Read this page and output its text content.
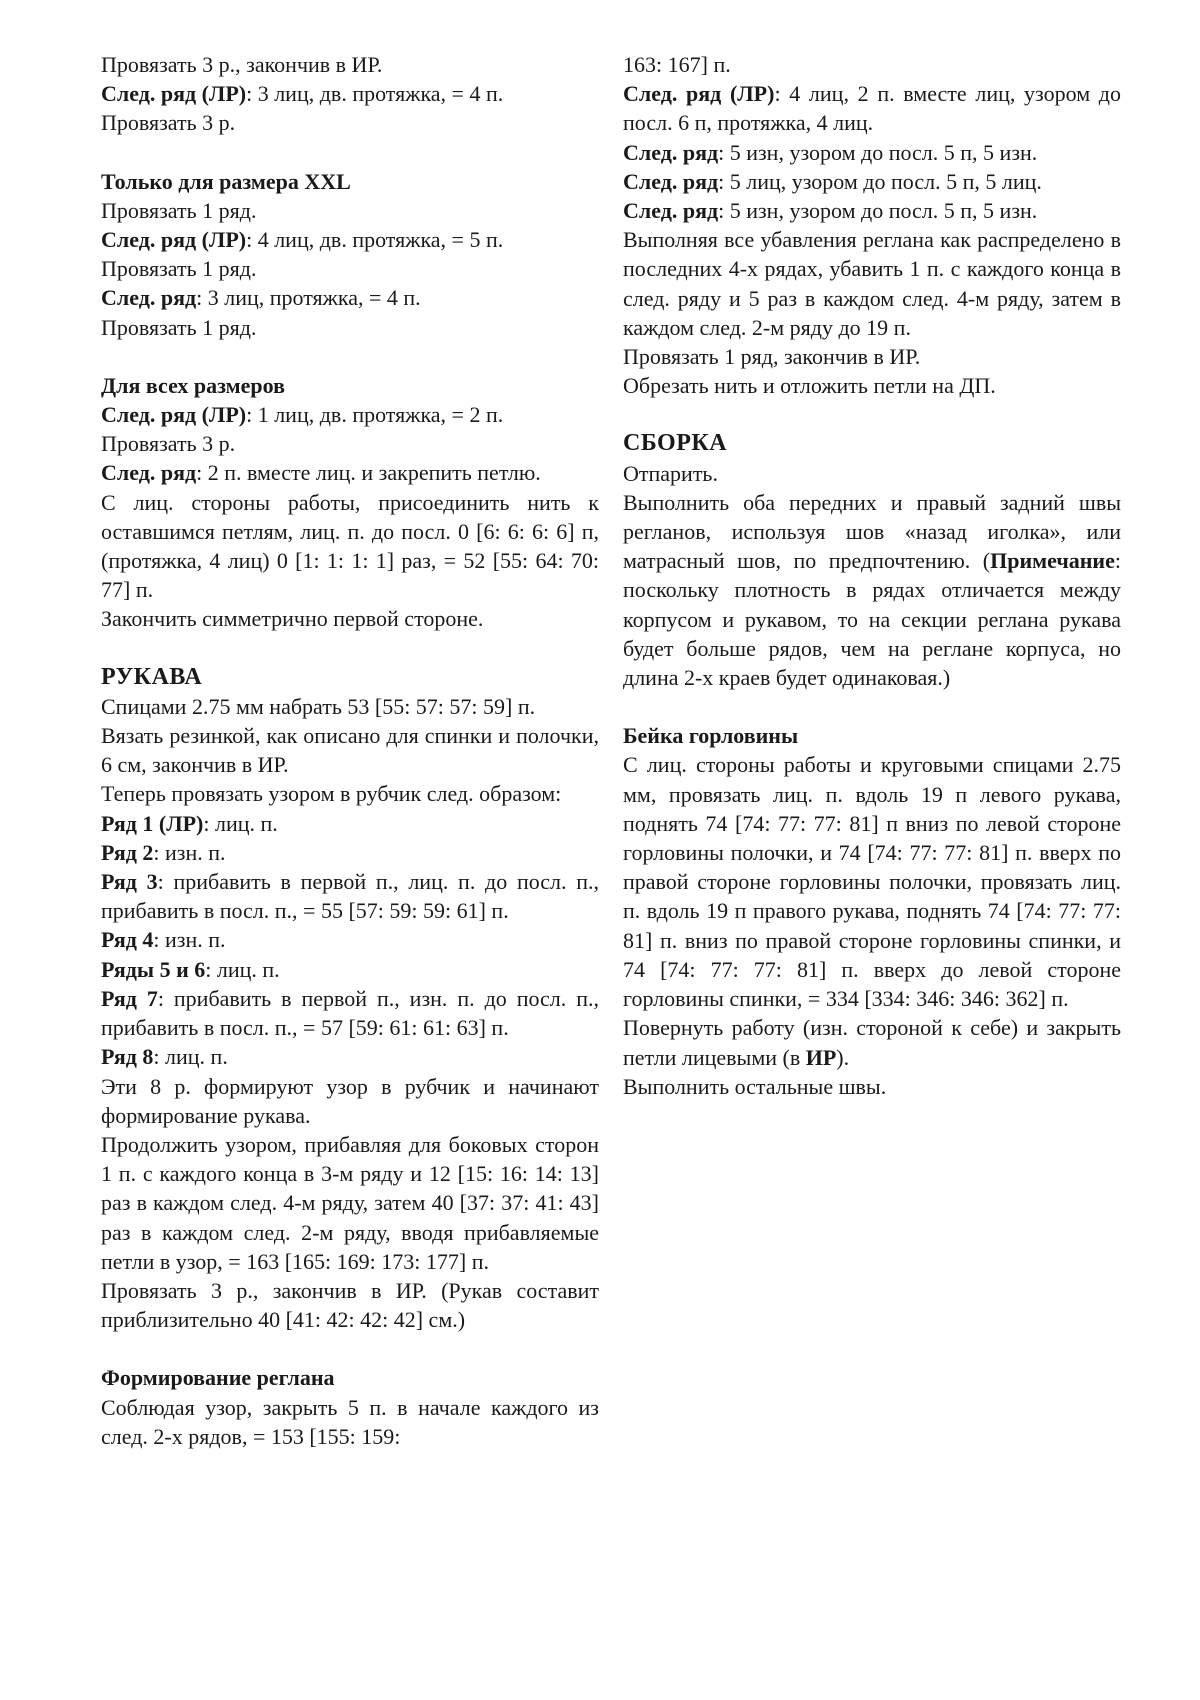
Провязать 3 р., закончив в ИР.

След. ряд (ЛР): 3 лиц, дв. протяжка, = 4 п.

Провязать 3 р.

Только для размера XXL

Провязать 1 ряд.

След. ряд (ЛР): 4 лиц, дв. протяжка, = 5 п.

Провязать 1 ряд.

След. ряд: 3 лиц, протяжка, = 4 п.

Провязать 1 ряд.

Для всех размеров

След. ряд (ЛР): 1 лиц, дв. протяжка, = 2 п.

Провязать 3 р.

След. ряд: 2 п. вместе лиц. и закрепить петлю.

С лиц. стороны работы, присоединить нить к оставшимся петлям, лиц. п. до посл. 0 [6: 6: 6: 6] п, (протяжка, 4 лиц) 0 [1: 1: 1: 1] раз, = 52 [55: 64: 70: 77] п.

Закончить симметрично первой стороне.

РУКАВА

Спицами 2.75 мм набрать 53 [55: 57: 57: 59] п.

Вязать резинкой, как описано для спинки и полочки, 6 см, закончив в ИР.

Теперь провязать узором в рубчик след. образом:

Ряд 1 (ЛР): лиц. п.

Ряд 2: изн. п.

Ряд 3: прибавить в первой п., лиц. п. до посл. п., прибавить в посл. п., = 55 [57: 59: 59: 61] п.

Ряд 4: изн. п.

Ряды 5 и 6: лиц. п.

Ряд 7: прибавить в первой п., изн. п. до посл. п., прибавить в посл. п., = 57 [59: 61: 61: 63] п.

Ряд 8: лиц. п.

Эти 8 р. формируют узор в рубчик и начинают формирование рукава.

Продолжить узором, прибавляя для боковых сторон 1 п. с каждого конца в 3-м ряду и 12 [15: 16: 14: 13] раз в каждом след. 4-м ряду, затем 40 [37: 37: 41: 43] раз в каждом след. 2-м ряду, вводя прибавляемые петли в узор, = 163 [165: 169: 173: 177] п.

Провязать 3 р., закончив в ИР. (Рукав составит приблизительно 40 [41: 42: 42: 42] см.)

Формирование реглана

Соблюдая узор, закрыть 5 п. в начале каждого из след. 2-х рядов, = 153 [155: 159:

163: 167] п.

След. ряд (ЛР): 4 лиц, 2 п. вместе лиц, узором до посл. 6 п, протяжка, 4 лиц.

След. ряд: 5 изн, узором до посл. 5 п, 5 изн.

След. ряд: 5 лиц, узором до посл. 5 п, 5 лиц.

След. ряд: 5 изн, узором до посл. 5 п, 5 изн.

Выполняя все убавления реглана как распределено в последних 4-х рядах, убавить 1 п. с каждого конца в след. ряду и 5 раз в каждом след. 4-м ряду, затем в каждом след. 2-м ряду до 19 п.

Провязать 1 ряд, закончив в ИР.

Обрезать нить и отложить петли на ДП.

СБОРКА

Отпарить.

Выполнить оба передних и правый задний швы регланов, используя шов «назад иголка», или матрасный шов, по предпочтению. (Примечание: поскольку плотность в рядах отличается между корпусом и рукавом, то на секции реглана рукава будет больше рядов, чем на реглане корпуса, но длина 2-х краев будет одинаковая.)

Бейка горловины

С лиц. стороны работы и круговыми спицами 2.75 мм, провязать лиц. п. вдоль 19 п левого рукава, поднять 74 [74: 77: 77: 81] п вниз по левой стороне горловины полочки, и 74 [74: 77: 77: 81] п. вверх по правой стороне горловины полочки, провязать лиц. п. вдоль 19 п правого рукава, поднять 74 [74: 77: 77: 81] п. вниз по правой стороне горловины спинки, и 74 [74: 77: 77: 81] п. вверх до левой стороне горловины спинки, = 334 [334: 346: 346: 362] п.

Повернуть работу (изн. стороной к себе) и закрыть петли лицевыми (в ИР).

Выполнить остальные швы.
